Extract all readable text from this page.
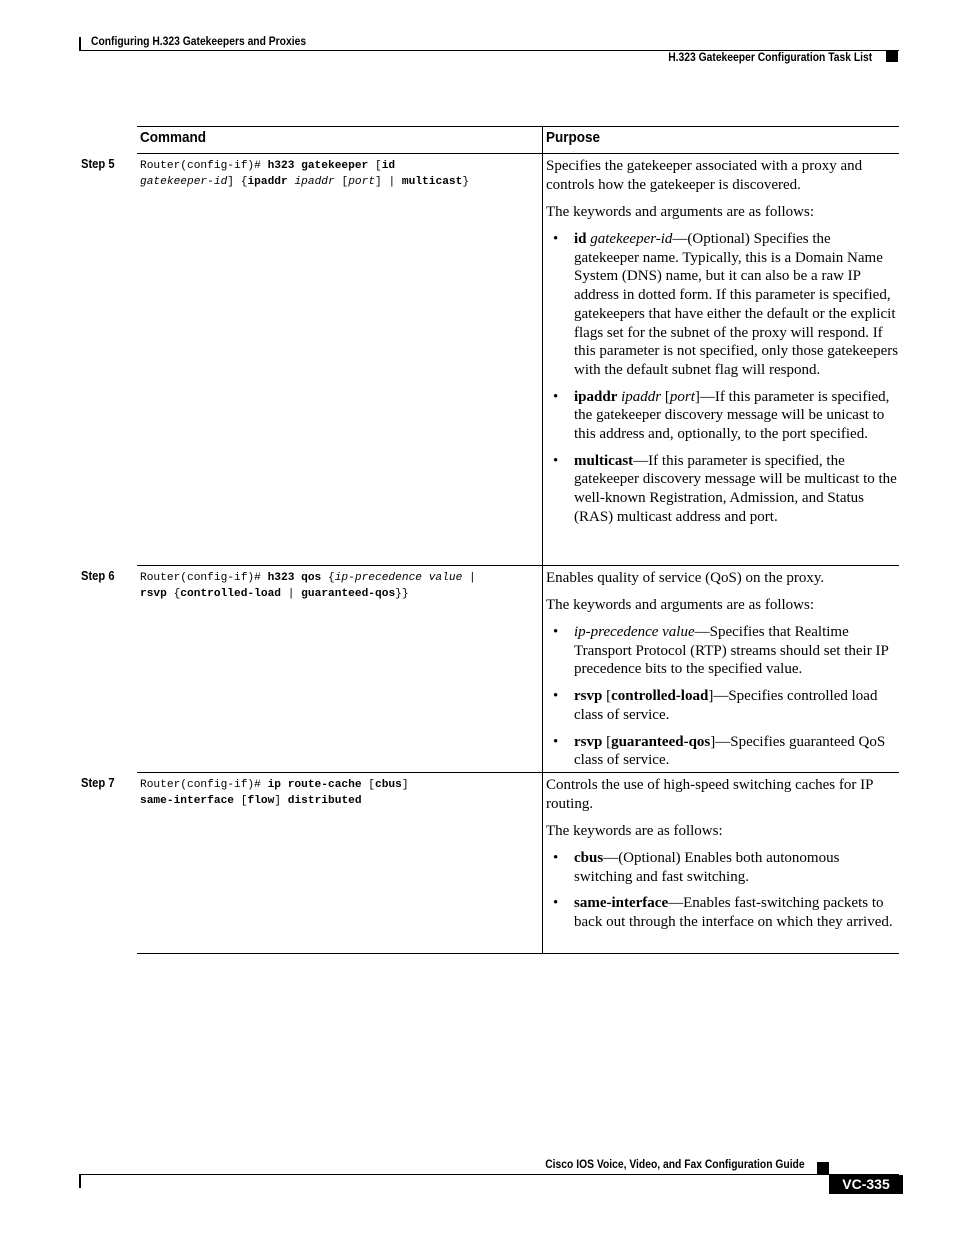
Configuring H.323 Gatekeepers and Proxies
H.323 Gatekeeper Configuration Task List
Command	Purpose
Step 5 Router(config-if)# h323 gatekeeper [id
gatekeeper-id] {ipaddr ipaddr [port] | multicast}

Specifies the gatekeeper associated with a proxy and controls how the gatekeeper is discovered.

The keywords and arguments are as follows:

• id gatekeeper-id—(Optional) Specifies the gatekeeper name. Typically, this is a Domain Name System (DNS) name, but it can also be a raw IP address in dotted form. If this parameter is specified, gatekeepers that have either the default or the explicit flags set for the subnet of the proxy will respond. If this parameter is not specified, only those gatekeepers with the default subnet flag will respond.
• ipaddr ipaddr [port]—If this parameter is specified, the gatekeeper discovery message will be unicast to this address and, optionally, to the port specified.
• multicast—If this parameter is specified, the gatekeeper discovery message will be multicast to the well-known Registration, Admission, and Status (RAS) multicast address and port.
Step 6 Router(config-if)# h323 qos {ip-precedence value |
rsvp {controlled-load | guaranteed-qos}}

Enables quality of service (QoS) on the proxy.

The keywords and arguments are as follows:

• ip-precedence value—Specifies that Realtime Transport Protocol (RTP) streams should set their IP precedence bits to the specified value.
• rsvp [controlled-load]—Specifies controlled load class of service.
• rsvp [guaranteed-qos]—Specifies guaranteed QoS class of service.
Step 7 Router(config-if)# ip route-cache [cbus]
same-interface [flow] distributed

Controls the use of high-speed switching caches for IP routing.

The keywords are as follows:

• cbus—(Optional) Enables both autonomous switching and fast switching.
• same-interface—Enables fast-switching packets to back out through the interface on which they arrived.
Cisco IOS Voice, Video, and Fax Configuration Guide
VC-335
